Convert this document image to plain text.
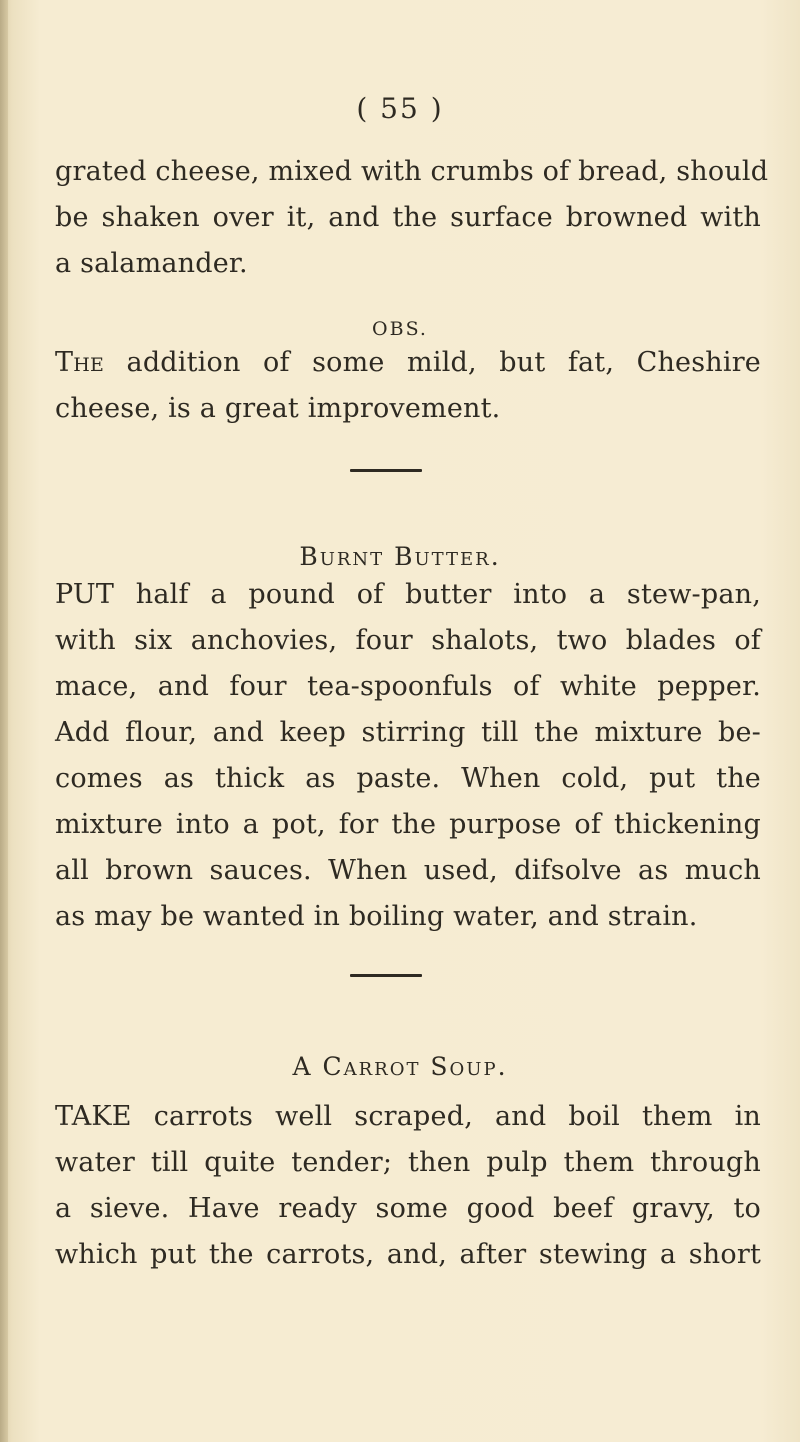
( 55 )
grated cheese, mixed with crumbs of bread, should
be shaken over it, and the surface browned with
a salamander.
OBS.
The addition of some mild, but fat, Cheshire
cheese, is a great improvement.
Burnt Butter.
PUT half a pound of butter into a stew-pan,
with six anchovies, four shalots, two blades of
mace, and four tea-spoonfuls of white pepper.
Add flour, and keep stirring till the mixture be-
comes as thick as paste. When cold, put the
mixture into a pot, for the purpose of thickening
all brown sauces. When used, difsolve as much
as may be wanted in boiling water, and strain.
A Carrot Soup.
TAKE carrots well scraped, and boil them in
water till quite tender; then pulp them through
a sieve. Have ready some good beef gravy, to
which put the carrots, and, after stewing a short
